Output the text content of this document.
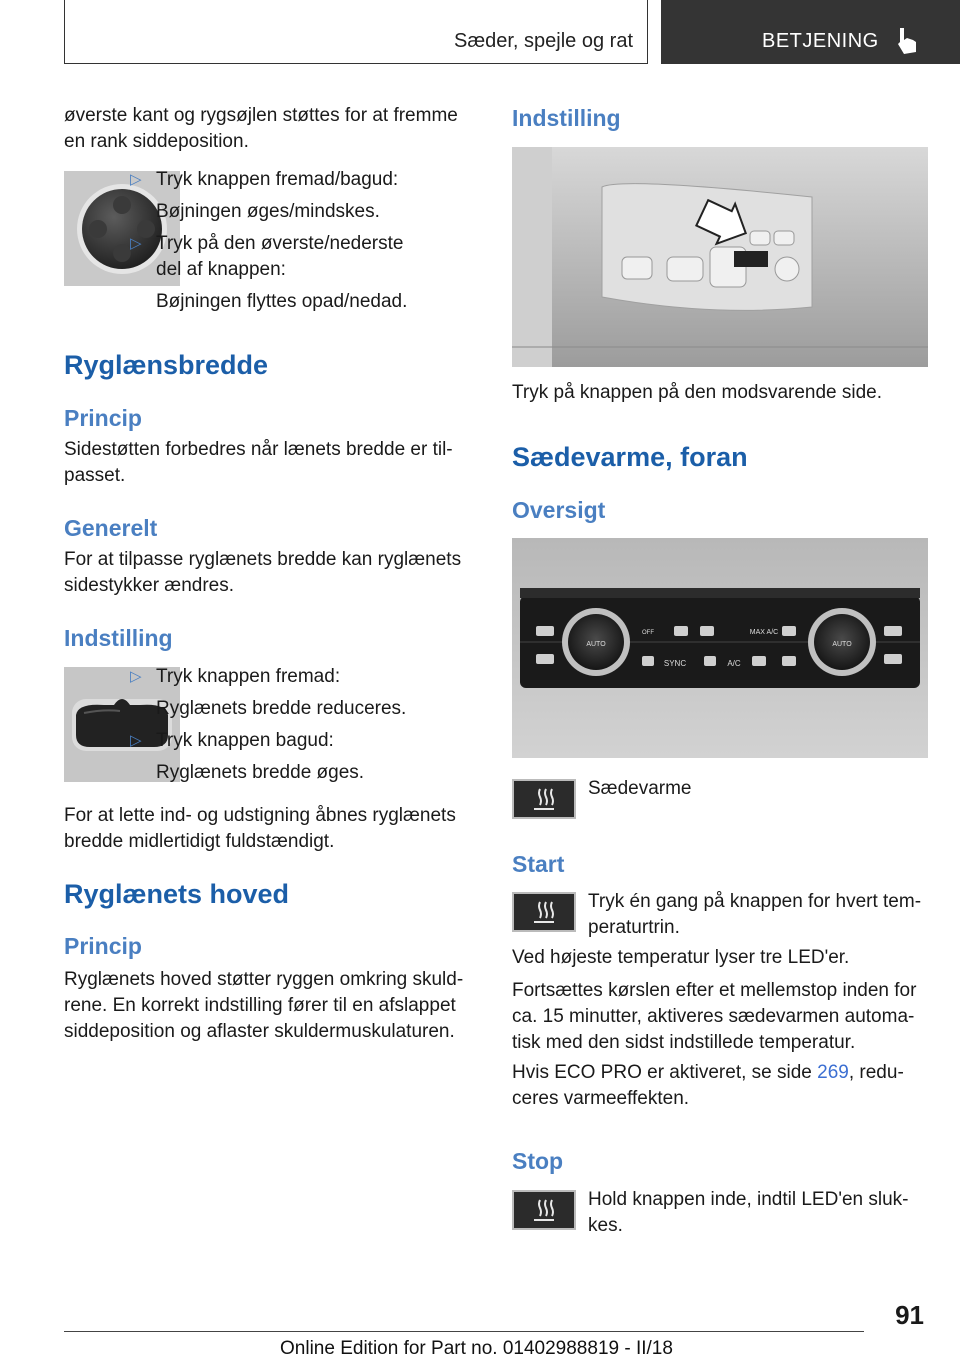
Sæder, spejle og rat	BETJENING

øverste kant og rygsøjlen støttes for at fremme

en rank siddeposition.

▷ Tryk knappen fremad/bagud:

Bøjningen øges/mindskes.

▷ Tryk på den øverste/nederste del af knappen:

Bøjningen flyttes opad/nedad.

Ryglænsbredde
Princip

Sidestøtten forbedres når lænets bredde er til-

passet.

Generelt

For at tilpasse ryglænets bredde kan ryglænets

sidestykker ændres.

Indstilling
▷ Tryk knappen fremad:

Ryglænets bredde reduceres.

▷ Tryk knappen bagud:

Ryglænets bredde øges.

For at lette ind- og udstigning åbnes ryglænets

bredde midlertidigt fuldstændigt.

Ryglænets hoved
Princip

Ryglænets hoved støtter ryggen omkring skuld-

rene. En korrekt indstilling fører til en afslappet

siddeposition og aflaster skuldermuskulaturen.

Indstilling

Tryk på knappen på den modsvarende side.

Sædevarme, foran
Oversigt
AUTO	AUTO
SYNC
MAX A/C
A/C
OFF

Sædevarme

Start

Tryk én gang på knappen for hvert tem-

peraturtrin.

Ved højeste temperatur lyser tre LED'er.

Fortsættes kørslen efter et mellemstop inden for

ca. 15 minutter, aktiveres sædevarmen automa-

tisk med den sidst indstillede temperatur.

Hvis ECO PRO er aktiveret, se side 269, redu-

ceres varmeeffekten.

Stop

Hold knappen inde, indtil LED'en sluk-

kes.

91
Online Edition for Part no. 01402988819 - II/18
